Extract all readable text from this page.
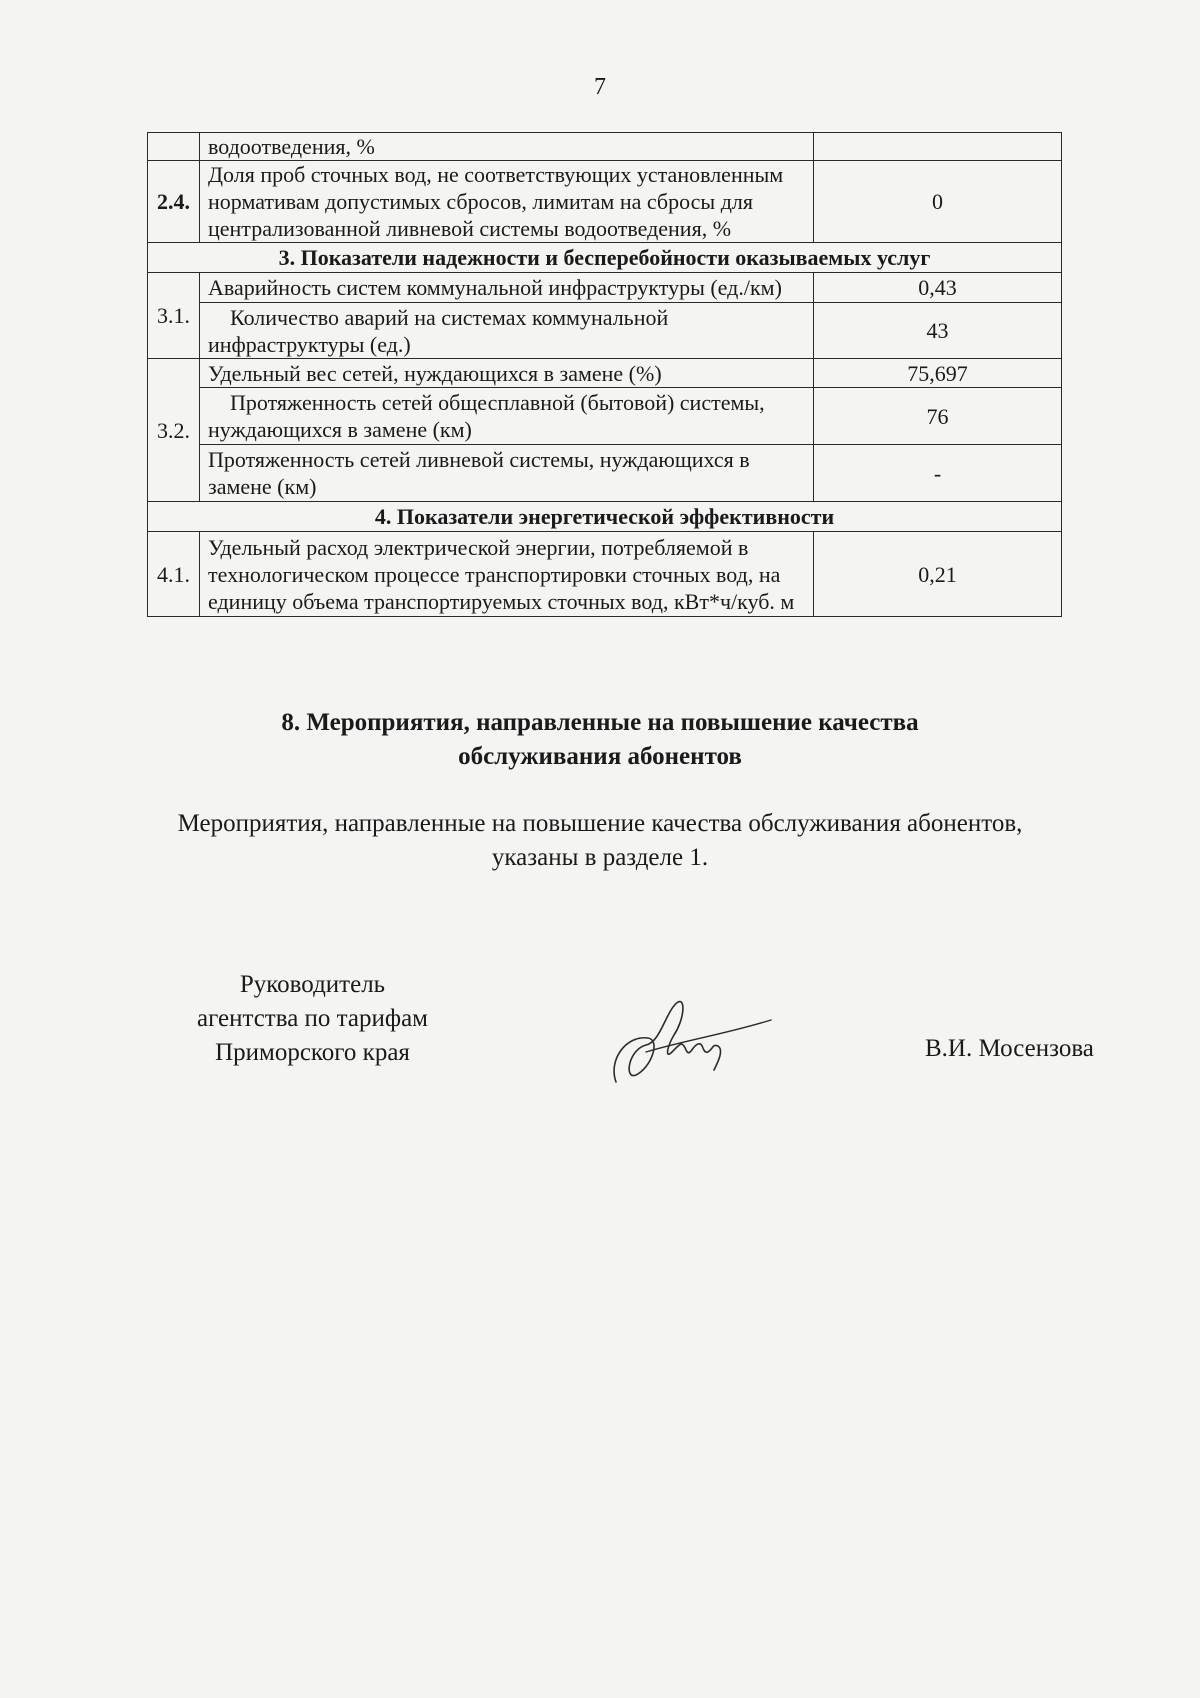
7
	водоотведения, %	
2.4.	Доля проб сточных вод, не соответствующих установленным нормативам допустимых сбросов, лимитам на сбросы для централизованной ливневой системы водоотведения, %	0
3. Показатели надежности и бесперебойности оказываемых услуг		
3.1.	Аварийность систем коммунальной инфраструктуры (ед./км)	0,43
	Количество аварий на системах коммунальной инфраструктуры (ед.)	43
3.2.	Удельный вес сетей, нуждающихся в замене (%)	75,697
	Протяженность сетей общесплавной (бытовой) системы, нуждающихся в замене (км)	76
	Протяженность сетей ливневой системы, нуждающихся в замене (км)	-
4. Показатели энергетической эффективности		
4.1.	Удельный расход электрической энергии, потребляемой в технологическом процессе транспортировки сточных вод, на единицу объема транспортируемых сточных вод, кВт*ч/куб. м	0,21
8. Мероприятия, направленные на повышение качества
обслуживания абонентов
Мероприятия, направленные на повышение качества обслуживания абонентов,
указаны в разделе 1.
Руководитель
агентства по тарифам
Приморского края	В.И. Мосензова
